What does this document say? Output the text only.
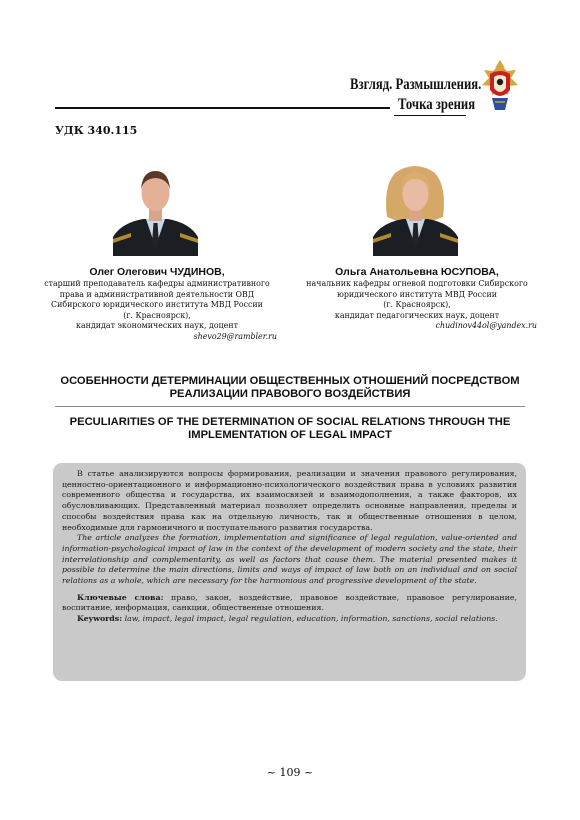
Взгляд. Размышления.
Точка зрения
УДК 340.115
Олег Олегович ЧУДИНОВ,
старший преподаватель кафедры административного права и административной деятельности ОВД Сибирского юридического института МВД России
(г. Красноярск),
кандидат экономических наук, доцент
shevo29@rambler.ru
Ольга Анатольевна ЮСУПОВА,
начальник кафедры огневой подготовки Сибирского юридического института МВД России
(г. Красноярск),
кандидат педагогических наук, доцент
chudinov44ol@yandex.ru
ОСОБЕННОСТИ ДЕТЕРМИНАЦИИ ОБЩЕСТВЕННЫХ ОТНОШЕНИЙ ПОСРЕДСТВОМ РЕАЛИЗАЦИИ ПРАВОВОГО ВОЗДЕЙСТВИЯ
PECULIARITIES OF THE DETERMINATION OF SOCIAL RELATIONS THROUGH THE IMPLEMENTATION OF LEGAL IMPACT

В статье анализируются вопросы формирования, реализации и значения правового регулирования, ценностно-ориентационного и информационно-психологического воздействия права в условиях развития современного общества и государства, их взаимосвязей и взаимодополнения, а также факторов, их обусловливающих. Представленный материал позволяет определить основные направления, пределы и способы воздействия права как на отдельную личность, так и общественные отношения в целом, необходимые для гармоничного и поступательного развития государства.

The article analyzes the formation, implementation and significance of legal regulation, value-oriented and information-psychological impact of law in the context of the development of modern society and the state, their interrelationship and complementarity, as well as factors that cause them. The material presented makes it possible to determine the main directions, limits and ways of impact of law both on an individual and on social relations as a whole, which are necessary for the harmonious and progressive development of the state.

Ключевые слова: право, закон, воздействие, правовое воздействие, правовое регулирование, воспитание, информация, санкции, общественные отношения.

Keywords: law, impact, legal impact, legal regulation, education, information, sanctions, social relations.

~ 109 ~
